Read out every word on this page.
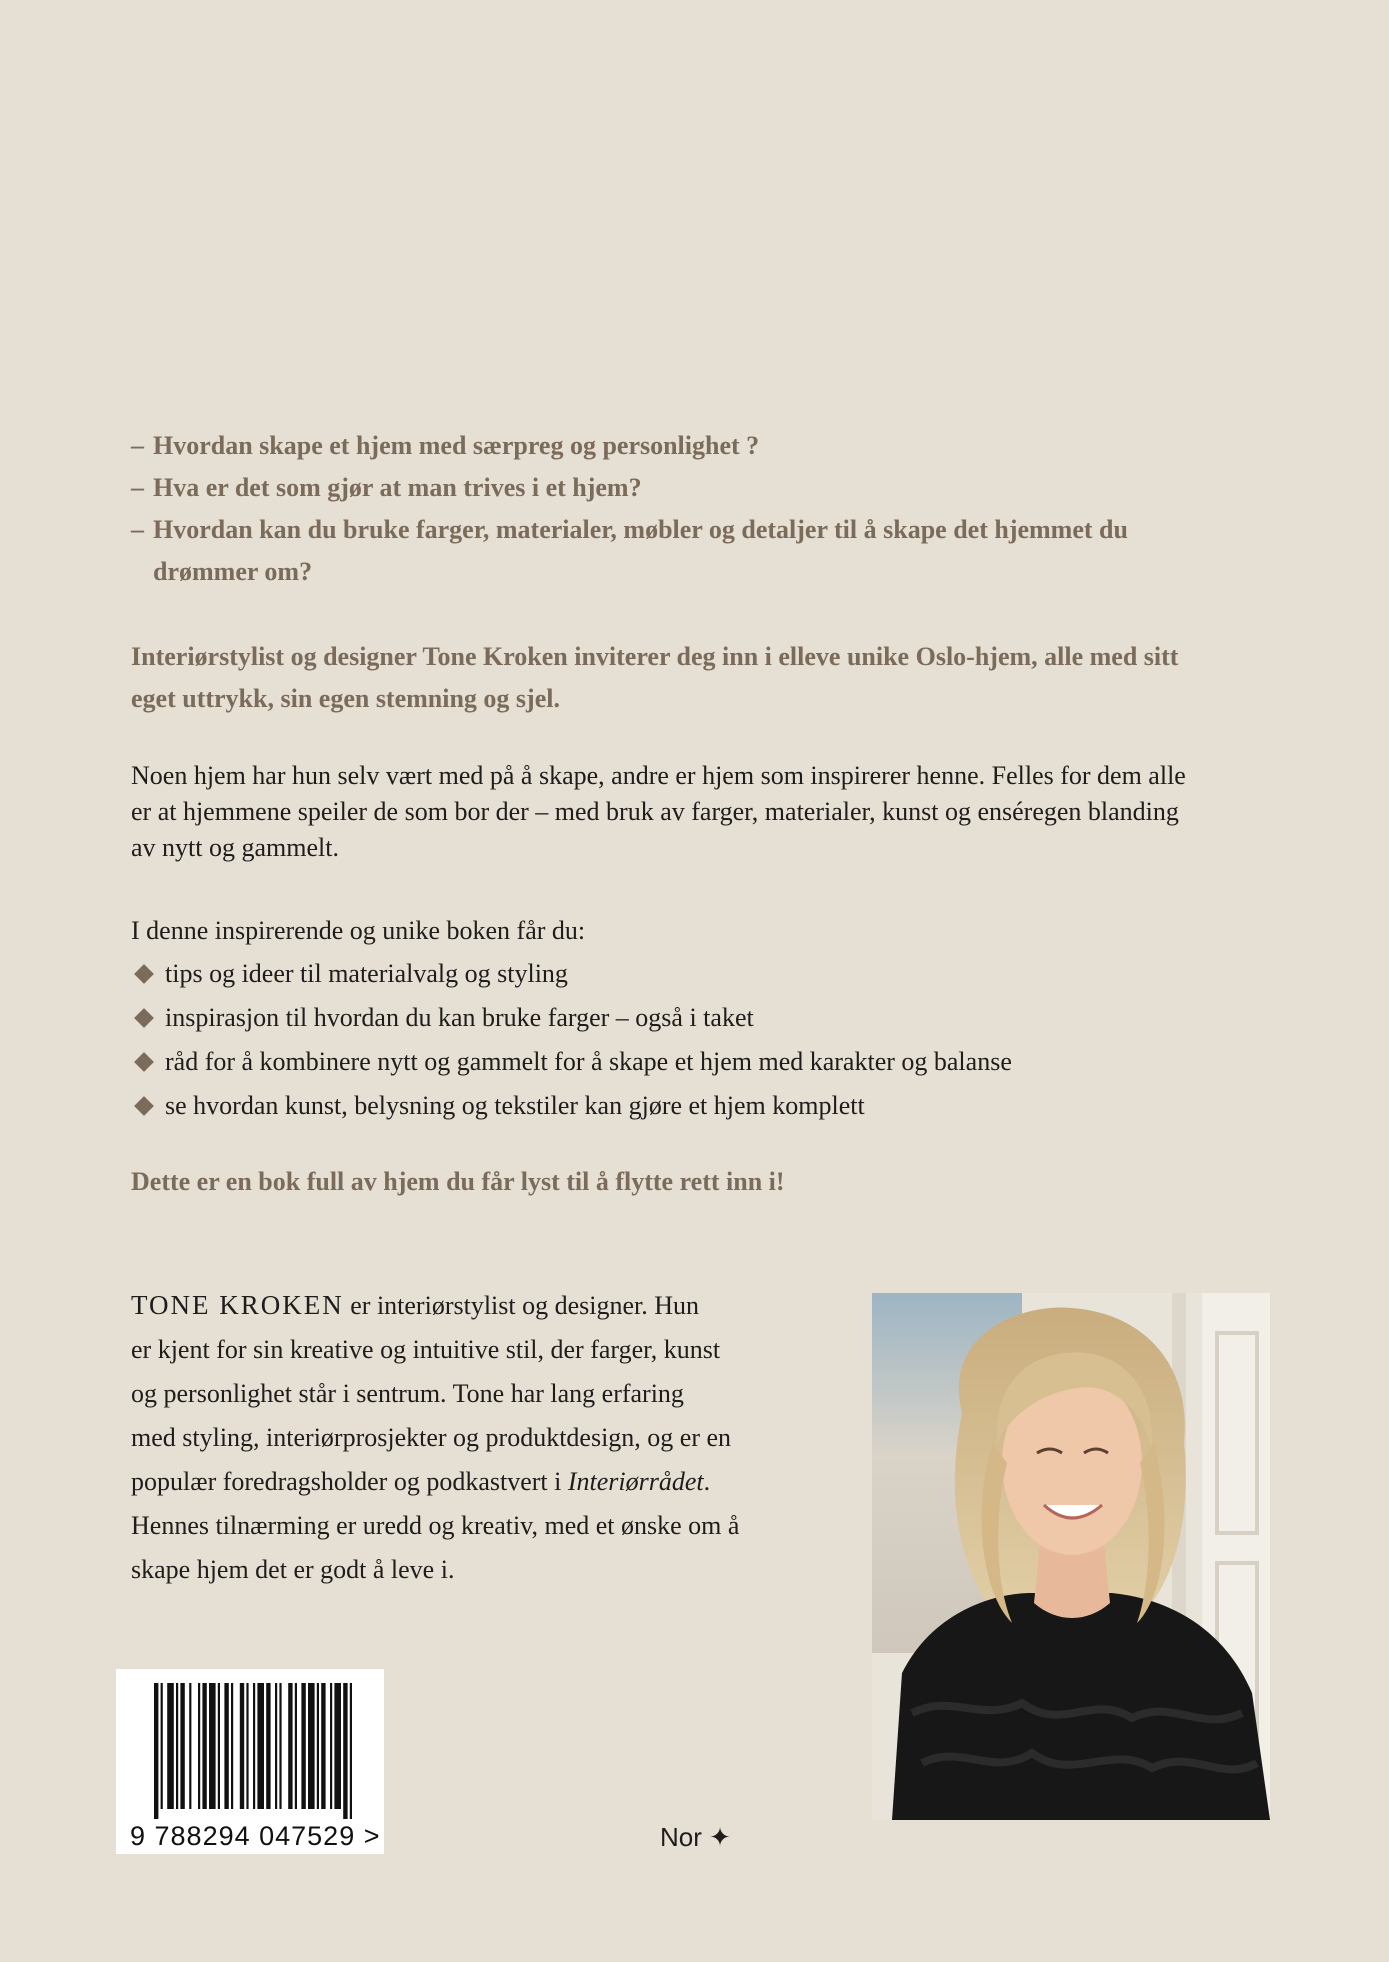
– Hvordan skape et hjem med særpreg og personlighet ?
– Hva er det som gjør at man trives i et hjem?
– Hvordan kan du bruke farger, materialer, møbler og detaljer til å skape det hjemmet du
drømmer om?
Interiørstylist og designer Tone Kroken inviterer deg inn i elleve unike Oslo-hjem, alle med sitt
eget uttrykk, sin egen stemning og sjel.
Noen hjem har hun selv vært med på å skape, andre er hjem som inspirerer henne. Felles for dem alle
er at hjemmene speiler de som bor der – med bruk av farger, materialer, kunst og enséregen blanding
av nytt og gammelt.
I denne inspirerende og unike boken får du:
tips og ideer til materialvalg og styling
inspirasjon til hvordan du kan bruke farger – også i taket
råd for å kombinere nytt og gammelt for å skape et hjem med karakter og balanse
se hvordan kunst, belysning og tekstiler kan gjøre et hjem komplett
Dette er en bok full av hjem du får lyst til å flytte rett inn i!
TONE KROKEN er interiørstylist og designer. Hun
er kjent for sin kreative og intuitive stil, der farger, kunst
og personlighet står i sentrum. Tone har lang erfaring
med styling, interiørprosjekter og produktdesign, og er en
populær foredragsholder og podkastvert i Interiørrådet.
Hennes tilnærming er uredd og kreativ, med et ønske om å
skape hjem det er godt å leve i.
9 788294 047529 >	Nor ✦
